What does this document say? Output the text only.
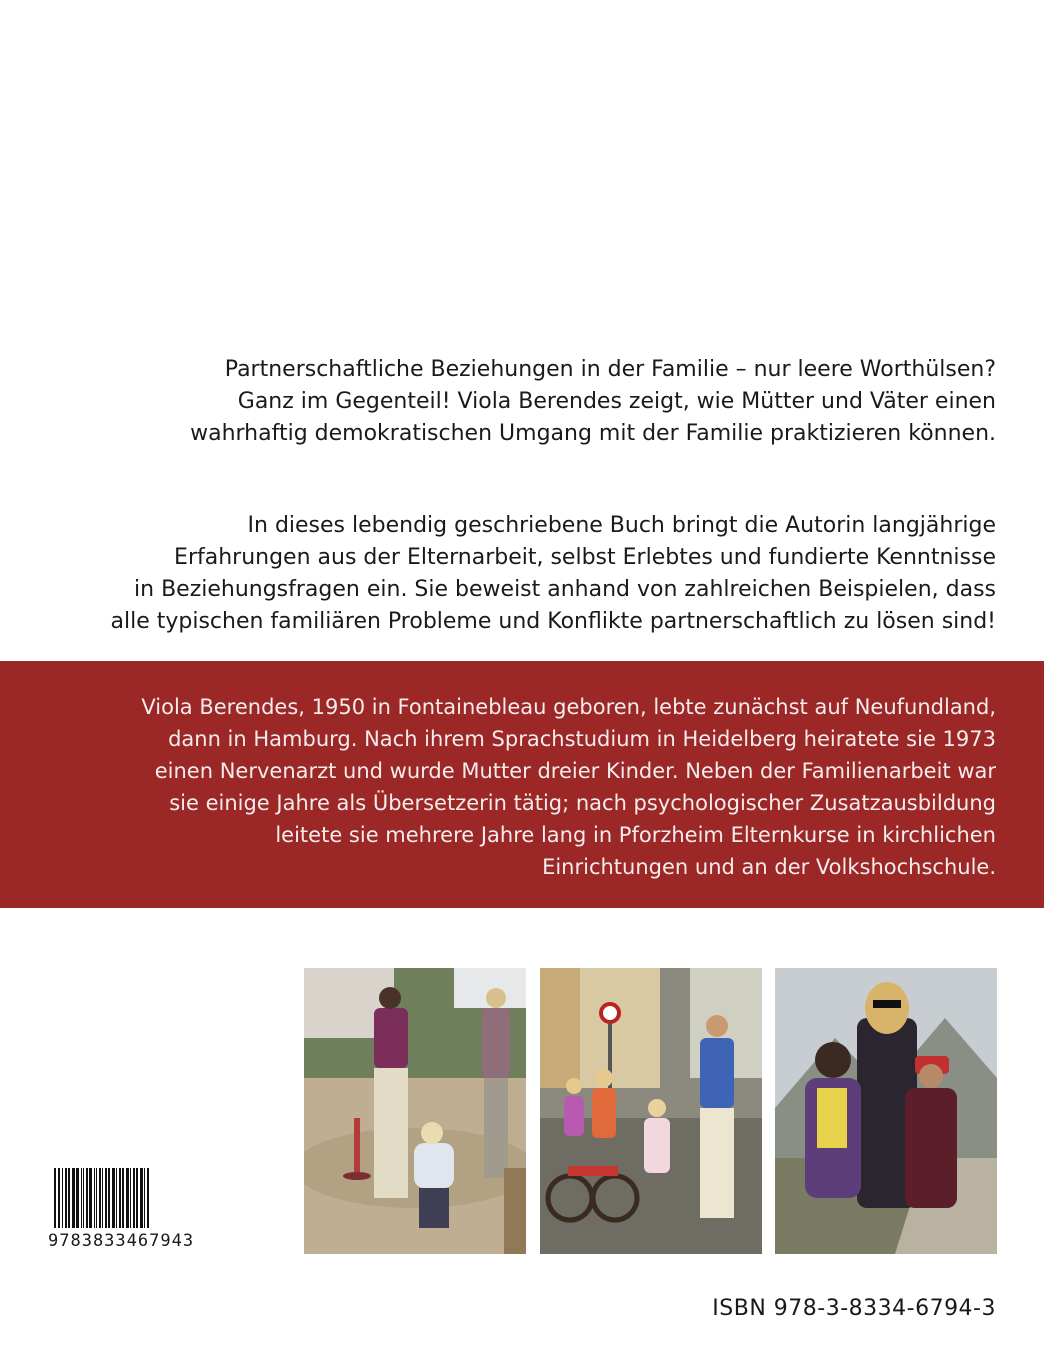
Partnerschaftliche Beziehungen in der Familie – nur leere Worthülsen?
Ganz im Gegenteil! Viola Berendes zeigt, wie Mütter und Väter einen
wahrhaftig demokratischen Umgang mit der Familie praktizieren können.
In dieses lebendig geschriebene Buch bringt die Autorin langjährige
Erfahrungen aus der Elternarbeit, selbst Erlebtes und fundierte Kenntnisse
in Beziehungsfragen ein. Sie beweist anhand von zahlreichen Beispielen, dass
alle typischen familiären Probleme und Konflikte partnerschaftlich zu lösen sind!
Viola Berendes, 1950 in Fontainebleau geboren, lebte zunächst auf Neufundland,
dann in Hamburg. Nach ihrem Sprachstudium in Heidelberg heiratete sie 1973
einen Nervenarzt und wurde Mutter dreier Kinder. Neben der Familienarbeit war
sie einige Jahre als Übersetzerin tätig; nach psychologischer Zusatzausbildung
leitete sie mehrere Jahre lang in Pforzheim Elternkurse in kirchlichen
Einrichtungen und an der Volkshochschule.
9783833467943
ISBN 978-3-8334-6794-3
